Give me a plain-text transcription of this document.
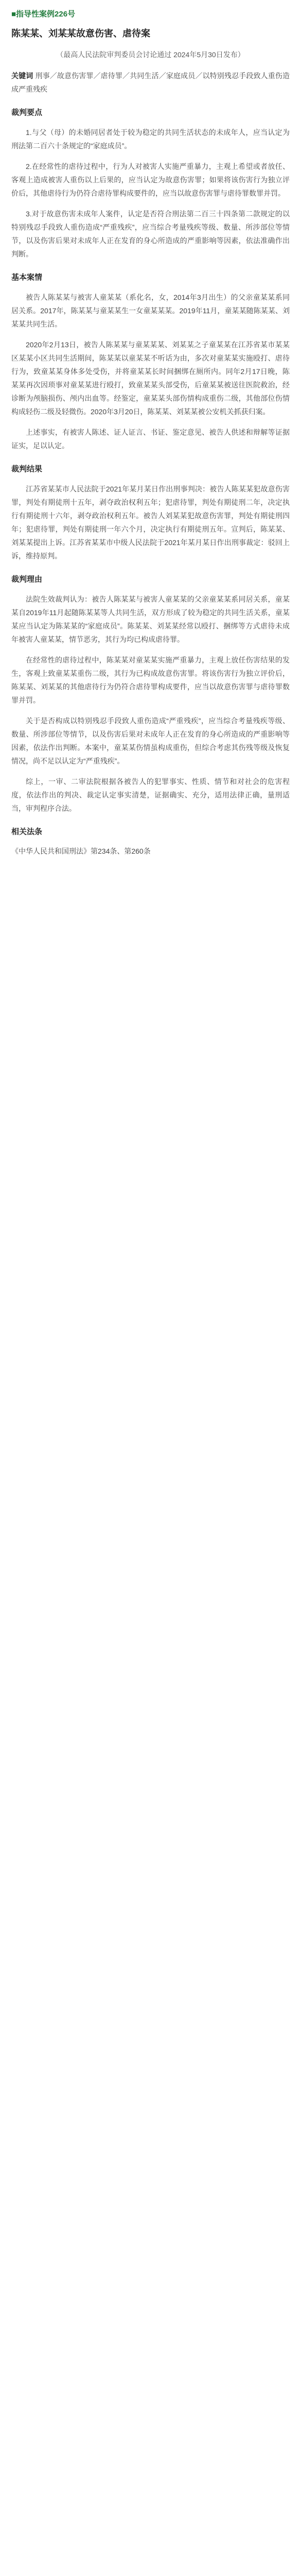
■指导性案例226号
陈某某、刘某某故意伤害、虐待案
（最高人民法院审判委员会讨论通过 2024年5月30日发布）
关键词 刑事／故意伤害罪／虐待罪／共同生活／家庭成员／以特别残忍手段致人重伤造成严重残疾
裁判要点
1.与父（母）的未婚同居者处于较为稳定的共同生活状态的未成年人，应当认定为刑法第二百六十条规定的“家庭成员”。
2.在经常性的虐待过程中，行为人对被害人实施严重暴力，主观上希望或者放任、客观上造成被害人重伤以上后果的，应当认定为故意伤害罪；如果将该伤害行为独立评价后，其他虐待行为仍符合虐待罪构成要件的，应当以故意伤害罪与虐待罪数罪并罚。
3.对于故意伤害未成年人案件，认定是否符合刑法第二百三十四条第二款规定的以特别残忍手段致人重伤造成“严重残疾”，应当综合考量残疾等级、数量、所涉部位等情节，以及伤害后果对未成年人正在发育的身心所造成的严重影响等因素，依法准确作出判断。
基本案情
被告人陈某某与被害人童某某（系化名，女，2014年3月出生）的父亲童某某系同居关系。2017年，陈某某与童某某生一女童某某某。2019年11月，童某某随陈某某、刘某某共同生活。
2020年2月13日，被告人陈某某与童某某某、刘某某之子童某某在江苏省某市某某区某某小区共同生活期间，陈某某以童某某不听话为由，多次对童某某实施殴打、虐待行为，致童某某身体多处受伤，并将童某某长时间捆绑在厕所内。同年2月17日晚，陈某某再次因琐事对童某某进行殴打，致童某某头部受伤，后童某某被送往医院救治，经诊断为颅脑损伤、颅内出血等。经鉴定，童某某头部伤情构成重伤二级，其他部位伤情构成轻伤二级及轻微伤。2020年3月20日，陈某某、刘某某被公安机关抓获归案。
上述事实，有被害人陈述、证人证言、书证、鉴定意见、被告人供述和辩解等证据证实，足以认定。
裁判结果
江苏省某某市人民法院于2021年某月某日作出刑事判决：被告人陈某某犯故意伤害罪，判处有期徒刑十五年，剥夺政治权利五年；犯虐待罪，判处有期徒刑二年，决定执行有期徒刑十六年，剥夺政治权利五年。被告人刘某某犯故意伤害罪，判处有期徒刑四年；犯虐待罪，判处有期徒刑一年六个月，决定执行有期徒刑五年。宣判后，陈某某、刘某某提出上诉。江苏省某某市中级人民法院于2021年某月某日作出刑事裁定：驳回上诉，维持原判。
裁判理由
法院生效裁判认为：被告人陈某某与被害人童某某的父亲童某某系同居关系，童某某自2019年11月起随陈某某等人共同生活，双方形成了较为稳定的共同生活关系，童某某应当认定为陈某某的“家庭成员”。陈某某、刘某某经常以殴打、捆绑等方式虐待未成年被害人童某某，情节恶劣，其行为均已构成虐待罪。
在经常性的虐待过程中，陈某某对童某某实施严重暴力，主观上放任伤害结果的发生，客观上致童某某重伤二级，其行为已构成故意伤害罪。将该伤害行为独立评价后，陈某某、刘某某的其他虐待行为仍符合虐待罪构成要件，应当以故意伤害罪与虐待罪数罪并罚。
关于是否构成以特别残忍手段致人重伤造成“严重残疾”，应当综合考量残疾等级、数量、所涉部位等情节，以及伤害后果对未成年人正在发育的身心所造成的严重影响等因素，依法作出判断。本案中，童某某伤情虽构成重伤，但综合考虑其伤残等级及恢复情况，尚不足以认定为“严重残疾”。
综上，一审、二审法院根据各被告人的犯罪事实、性质、情节和对社会的危害程度，依法作出的判决、裁定认定事实清楚，证据确实、充分，适用法律正确，量刑适当，审判程序合法。
相关法条
《中华人民共和国刑法》第234条、第260条
